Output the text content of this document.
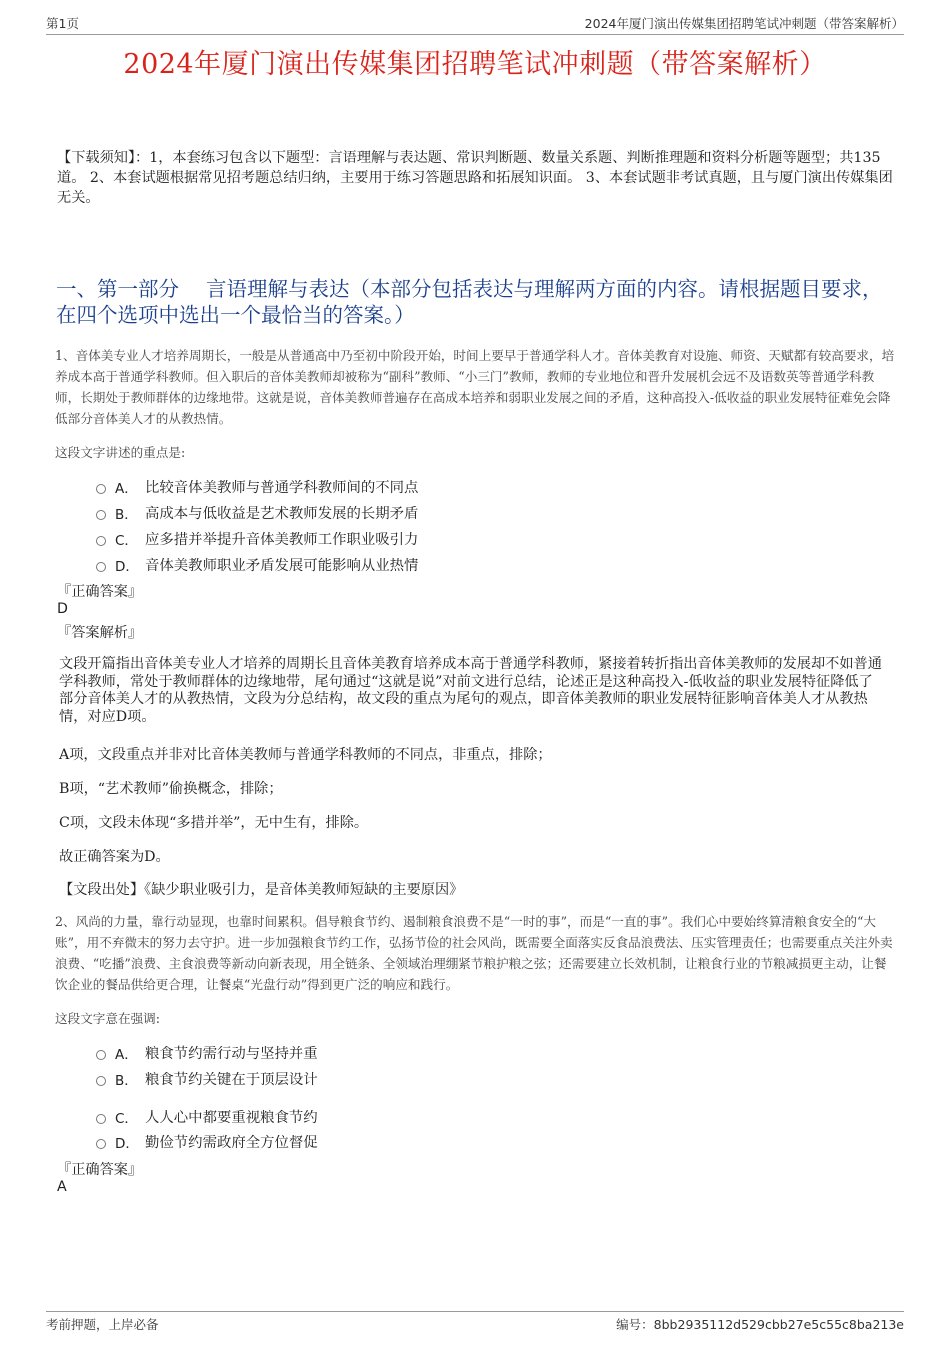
第1页	2024年厦门演出传媒集团招聘笔试冲刺题（带答案解析）
2024年厦门演出传媒集团招聘笔试冲刺题（带答案解析）
【下载须知】：1，本套练习包含以下题型：言语理解与表达题、常识判断题、数量关系题、判断推理题和资料分析题等题型；共135道。 2、本套试题根据常见招考题总结归纳，主要用于练习答题思路和拓展知识面。 3、本套试题非考试真题，且与厦门演出传媒集团无关。
一、第一部分　 言语理解与表达（本部分包括表达与理解两方面的内容。请根据题目要求，在四个选项中选出一个最恰当的答案。）
1、音体美专业人才培养周期长，一般是从普通高中乃至初中阶段开始，时间上要早于普通学科人才。音体美教育对设施、师资、天赋都有较高要求，培养成本高于普通学科教师。但入职后的音体美教师却被称为“副科”教师、“小三门”教师，教师的专业地位和晋升发展机会远不及语数英等普通学科教师，长期处于教师群体的边缘地带。这就是说，音体美教师普遍存在高成本培养和弱职业发展之间的矛盾，这种高投入-低收益的职业发展特征难免会降低部分音体美人才的从教热情。
这段文字讲述的重点是:
A． 比较音体美教师与普通学科教师间的不同点
B． 高成本与低收益是艺术教师发展的长期矛盾
C． 应多措并举提升音体美教师工作职业吸引力
D． 音体美教师职业矛盾发展可能影响从业热情
『正确答案』
D
『答案解析』
文段开篇指出音体美专业人才培养的周期长且音体美教育培养成本高于普通学科教师，紧接着转折指出音体美教师的发展却不如普通学科教师，常处于教师群体的边缘地带，尾句通过“这就是说”对前文进行总结，论述正是这种高投入-低收益的职业发展特征降低了部分音体美人才的从教热情，文段为分总结构，故文段的重点为尾句的观点，即音体美教师的职业发展特征影响音体美人才从教热情，对应D项。
A项，文段重点并非对比音体美教师与普通学科教师的不同点，非重点，排除；
B项，“艺术教师”偷换概念，排除；
C项，文段未体现“多措并举”，无中生有，排除。
故正确答案为D。
【文段出处】《缺少职业吸引力，是音体美教师短缺的主要原因》
2、风尚的力量，靠行动显现，也靠时间累积。倡导粮食节约、遏制粮食浪费不是“一时的事”，而是“一直的事”。我们心中要始终算清粮食安全的“大账”，用不弃微末的努力去守护。进一步加强粮食节约工作，弘扬节俭的社会风尚，既需要全面落实反食品浪费法、压实管理责任；也需要重点关注外卖浪费、“吃播”浪费、主食浪费等新动向新表现，用全链条、全领域治理绷紧节粮护粮之弦；还需要建立长效机制，让粮食行业的节粮减损更主动，让餐饮企业的餐品供给更合理，让餐桌“光盘行动”得到更广泛的响应和践行。
这段文字意在强调:
A． 粮食节约需行动与坚持并重
B． 粮食节约关键在于顶层设计
C． 人人心中都要重视粮食节约
D． 勤俭节约需政府全方位督促
『正确答案』
A
考前押题，上岸必备	编号：8bb2935112d529cbb27e5c55c8ba213e
